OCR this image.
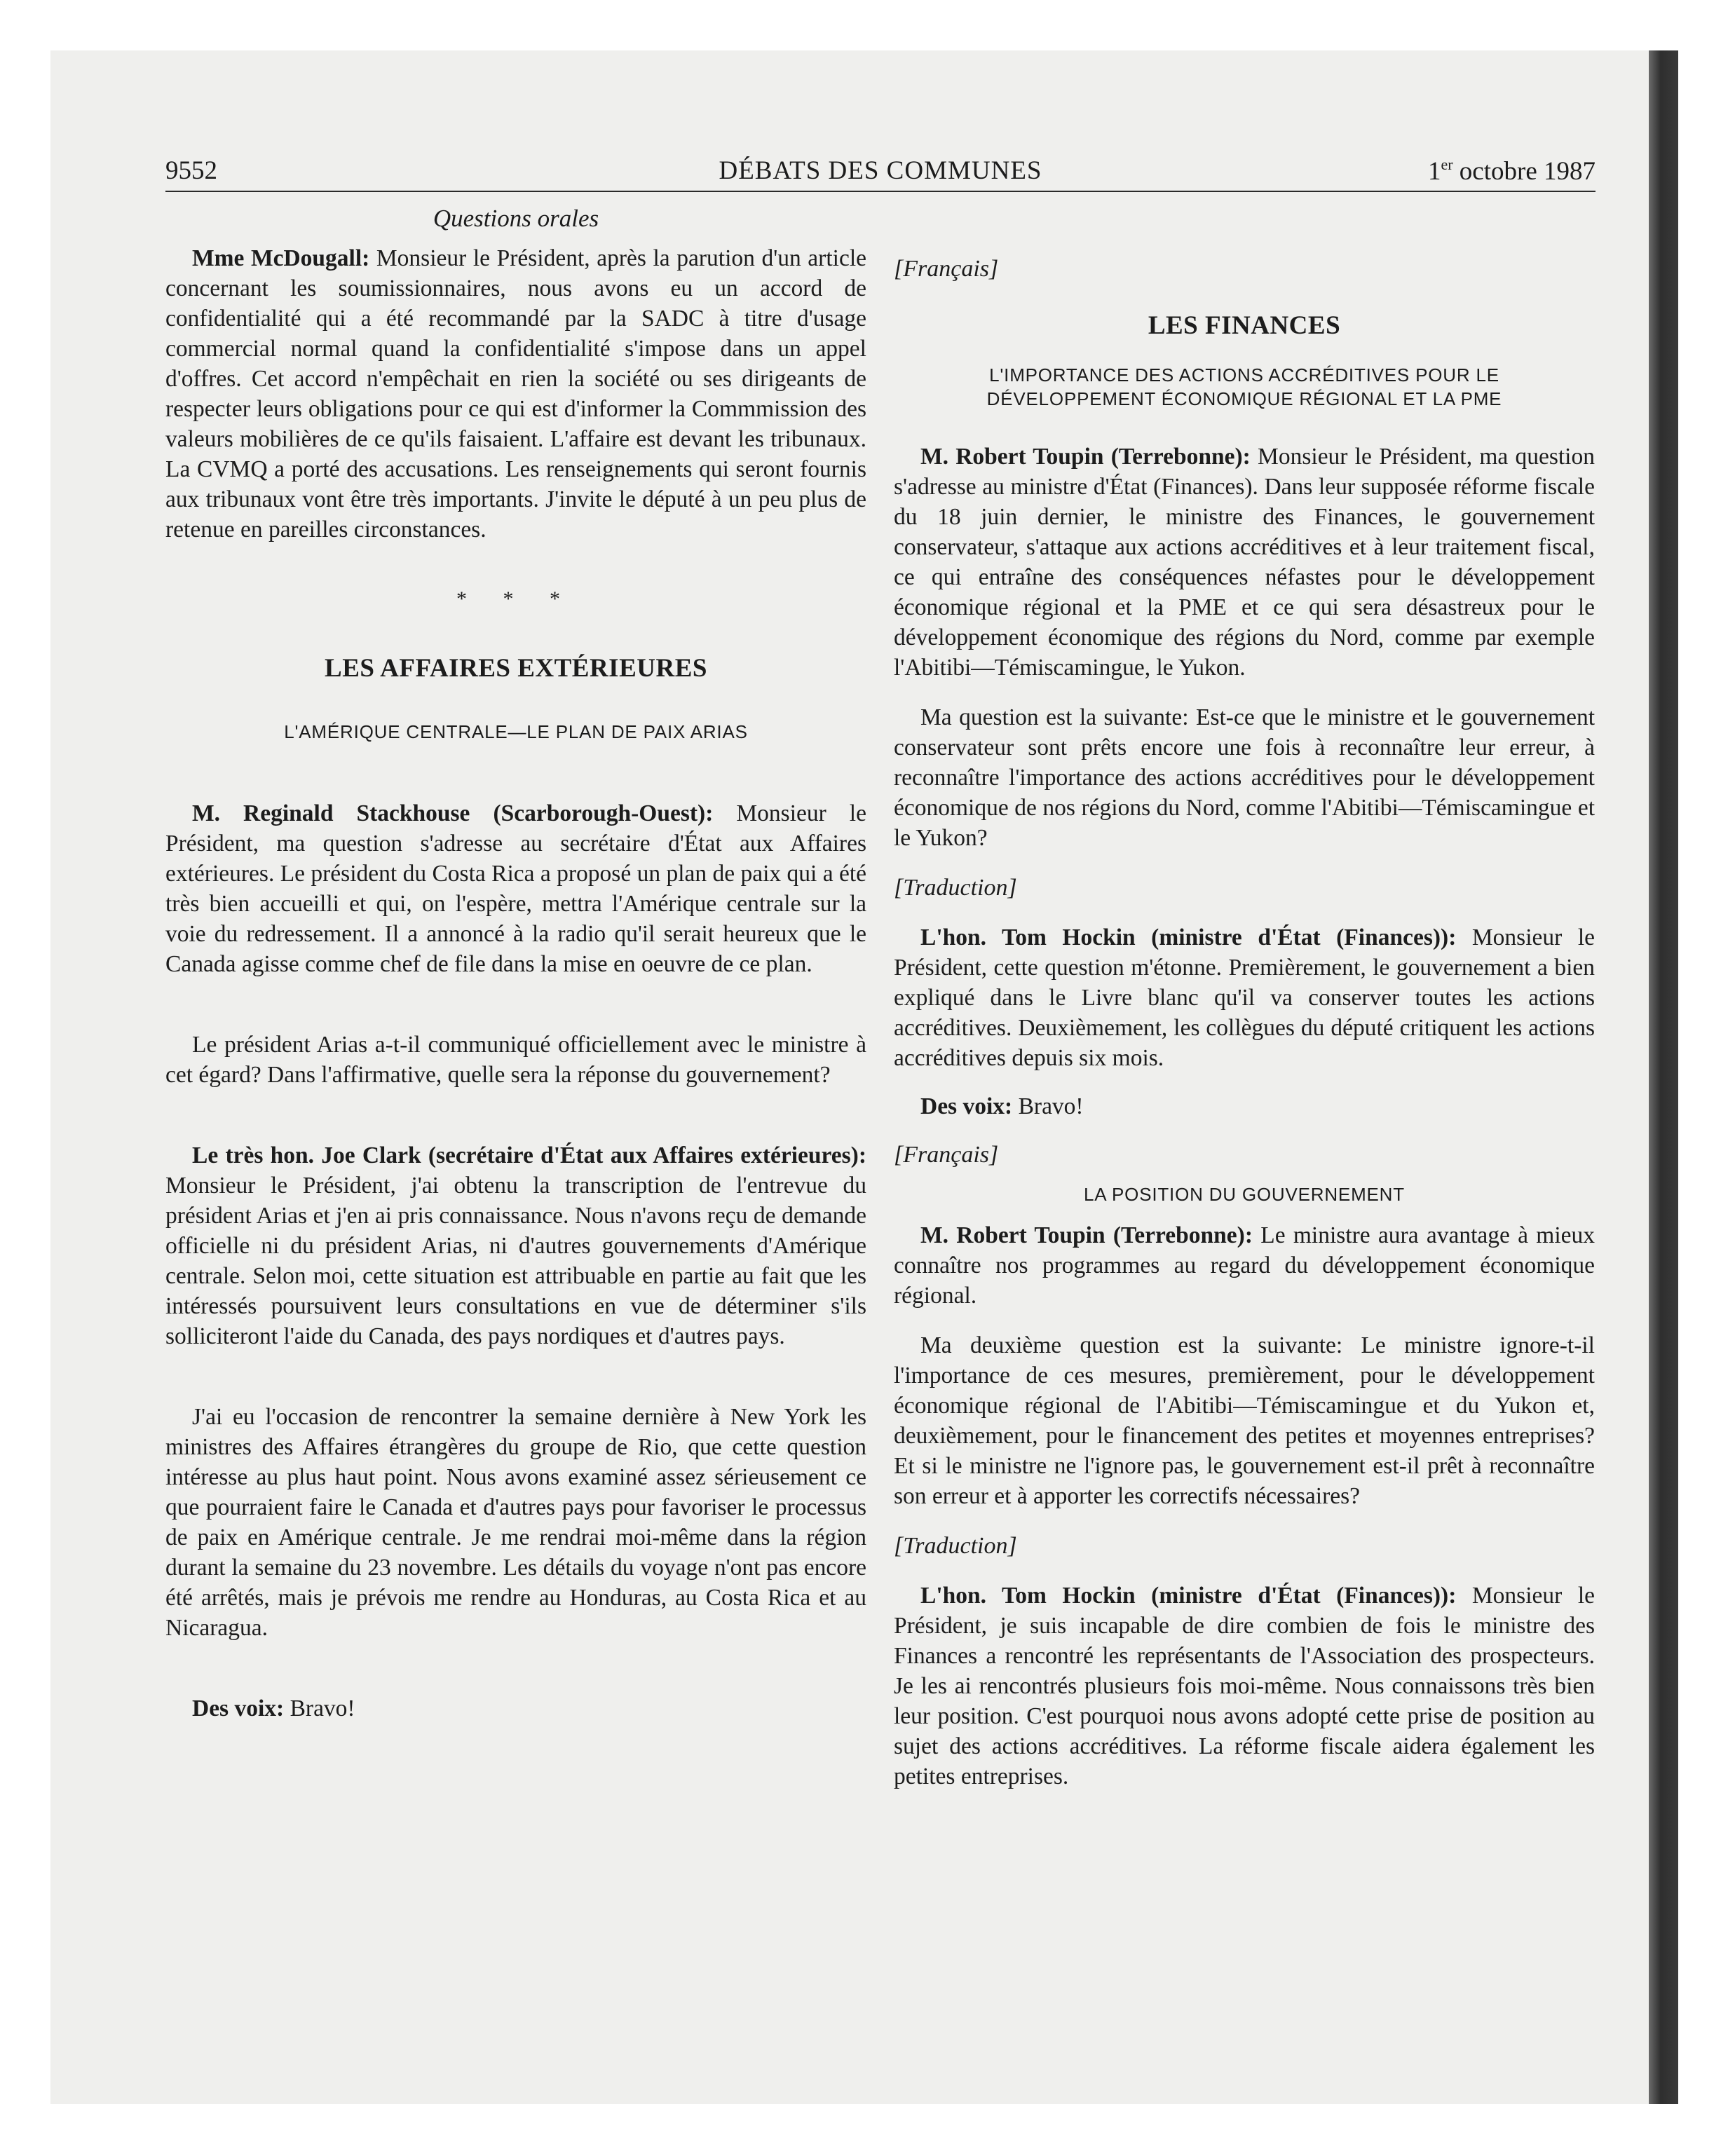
9552	DÉBATS DES COMMUNES	1er octobre 1987
Questions orales

Mme McDougall: Monsieur le Président, après la parution d'un article concernant les soumissionnaires, nous avons eu un accord de confidentialité qui a été recommandé par la SADC à titre d'usage commercial normal quand la confidentialité s'impose dans un appel d'offres. Cet accord n'empêchait en rien la société ou ses dirigeants de respecter leurs obligations pour ce qui est d'informer la Commmission des valeurs mobilières de ce qu'ils faisaient. L'affaire est devant les tribunaux. La CVMQ a porté des accusations. Les renseignements qui seront fournis aux tribunaux vont être très importants. J'invite le député à un peu plus de retenue en pareilles circonstances.

* * *
LES AFFAIRES EXTÉRIEURES
L'AMÉRIQUE CENTRALE—LE PLAN DE PAIX ARIAS

M. Reginald Stackhouse (Scarborough-Ouest): Monsieur le Président, ma question s'adresse au secrétaire d'État aux Affaires extérieures. Le président du Costa Rica a proposé un plan de paix qui a été très bien accueilli et qui, on l'espère, mettra l'Amérique centrale sur la voie du redressement. Il a annoncé à la radio qu'il serait heureux que le Canada agisse comme chef de file dans la mise en oeuvre de ce plan.

Le président Arias a-t-il communiqué officiellement avec le ministre à cet égard? Dans l'affirmative, quelle sera la réponse du gouvernement?

Le très hon. Joe Clark (secrétaire d'État aux Affaires extérieures): Monsieur le Président, j'ai obtenu la transcription de l'entrevue du président Arias et j'en ai pris connaissance. Nous n'avons reçu de demande officielle ni du président Arias, ni d'autres gouvernements d'Amérique centrale. Selon moi, cette situation est attribuable en partie au fait que les intéressés poursuivent leurs consultations en vue de déterminer s'ils solliciteront l'aide du Canada, des pays nordiques et d'autres pays.

J'ai eu l'occasion de rencontrer la semaine dernière à New York les ministres des Affaires étrangères du groupe de Rio, que cette question intéresse au plus haut point. Nous avons examiné assez sérieusement ce que pourraient faire le Canada et d'autres pays pour favoriser le processus de paix en Amérique centrale. Je me rendrai moi-même dans la région durant la semaine du 23 novembre. Les détails du voyage n'ont pas encore été arrêtés, mais je prévois me rendre au Honduras, au Costa Rica et au Nicaragua.

Des voix: Bravo!

[Français]
LES FINANCES
L'IMPORTANCE DES ACTIONS ACCRÉDITIVES POUR LE DÉVELOPPEMENT ÉCONOMIQUE RÉGIONAL ET LA PME

M. Robert Toupin (Terrebonne): Monsieur le Président, ma question s'adresse au ministre d'État (Finances). Dans leur supposée réforme fiscale du 18 juin dernier, le ministre des Finances, le gouvernement conservateur, s'attaque aux actions accréditives et à leur traitement fiscal, ce qui entraîne des conséquences néfastes pour le développement économique régional et la PME et ce qui sera désastreux pour le développement économique des régions du Nord, comme par exemple l'Abitibi—Témiscamingue, le Yukon.

Ma question est la suivante: Est-ce que le ministre et le gouvernement conservateur sont prêts encore une fois à reconnaître leur erreur, à reconnaître l'importance des actions accréditives pour le développement économique de nos régions du Nord, comme l'Abitibi—Témiscamingue et le Yukon?

[Traduction]

L'hon. Tom Hockin (ministre d'État (Finances)): Monsieur le Président, cette question m'étonne. Premièrement, le gouvernement a bien expliqué dans le Livre blanc qu'il va conserver toutes les actions accréditives. Deuxièmement, les collègues du député critiquent les actions accréditives depuis six mois.

Des voix: Bravo!

[Français]
LA POSITION DU GOUVERNEMENT

M. Robert Toupin (Terrebonne): Le ministre aura avantage à mieux connaître nos programmes au regard du développement économique régional.

Ma deuxième question est la suivante: Le ministre ignore-t-il l'importance de ces mesures, premièrement, pour le développement économique régional de l'Abitibi—Témiscamingue et du Yukon et, deuxièmement, pour le financement des petites et moyennes entreprises? Et si le ministre ne l'ignore pas, le gouvernement est-il prêt à reconnaître son erreur et à apporter les correctifs nécessaires?

[Traduction]

L'hon. Tom Hockin (ministre d'État (Finances)): Monsieur le Président, je suis incapable de dire combien de fois le ministre des Finances a rencontré les représentants de l'Association des prospecteurs. Je les ai rencontrés plusieurs fois moi-même. Nous connaissons très bien leur position. C'est pourquoi nous avons adopté cette prise de position au sujet des actions accréditives. La réforme fiscale aidera également les petites entreprises.
